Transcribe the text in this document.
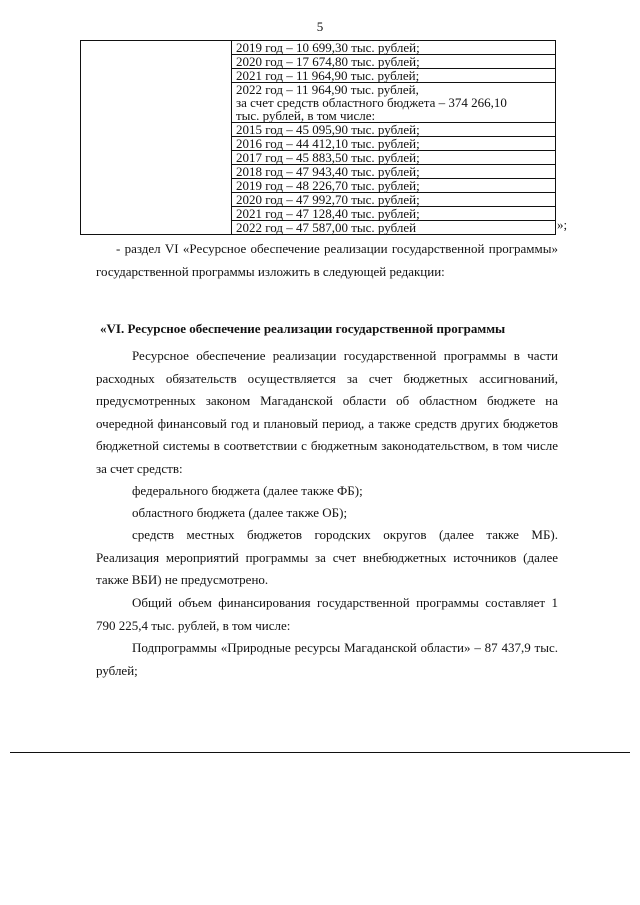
5

2019 год – 10 699,30 тыс. рублей;
2020 год – 17 674,80 тыс. рублей;
2021 год – 11 964,90 тыс. рублей;
2022 год – 11 964,90 тыс. рублей,
за счет средств областного бюджета – 374 266,10
тыс. рублей, в том числе:
2015 год – 45 095,90 тыс. рублей;
2016 год – 44 412,10 тыс. рублей;
2017 год – 45 883,50 тыс. рублей;
2018 год – 47 943,40 тыс. рублей;
2019 год – 48 226,70 тыс. рублей;
2020 год – 47 992,70 тыс. рублей;
2021 год – 47 128,40 тыс. рублей;
2022 год – 47 587,00 тыс. рублей	»;

- раздел VI «Ресурсное обеспечение реализации государственной программы» государственной программы изложить в следующей редакции:

«VI. Ресурсное обеспечение реализации государственной программы

Ресурсное обеспечение реализации государственной программы в части расходных обязательств осуществляется за счет бюджетных ассигнований, предусмотренных законом Магаданской области об областном бюджете на очередной финансовый год и плановый период, а также средств других бюджетов бюджетной системы в соответствии с бюджетным законодательством, в том числе за счет средств:

федерального бюджета (далее также ФБ);

областного бюджета (далее также ОБ);

средств местных бюджетов городских округов (далее также МБ). Реализация мероприятий программы за счет внебюджетных источников (далее также ВБИ) не предусмотрено.

Общий объем финансирования государственной программы составляет 1 790 225,4 тыс. рублей, в том числе:

Подпрограммы «Природные ресурсы Магаданской области» – 87 437,9 тыс. рублей;
